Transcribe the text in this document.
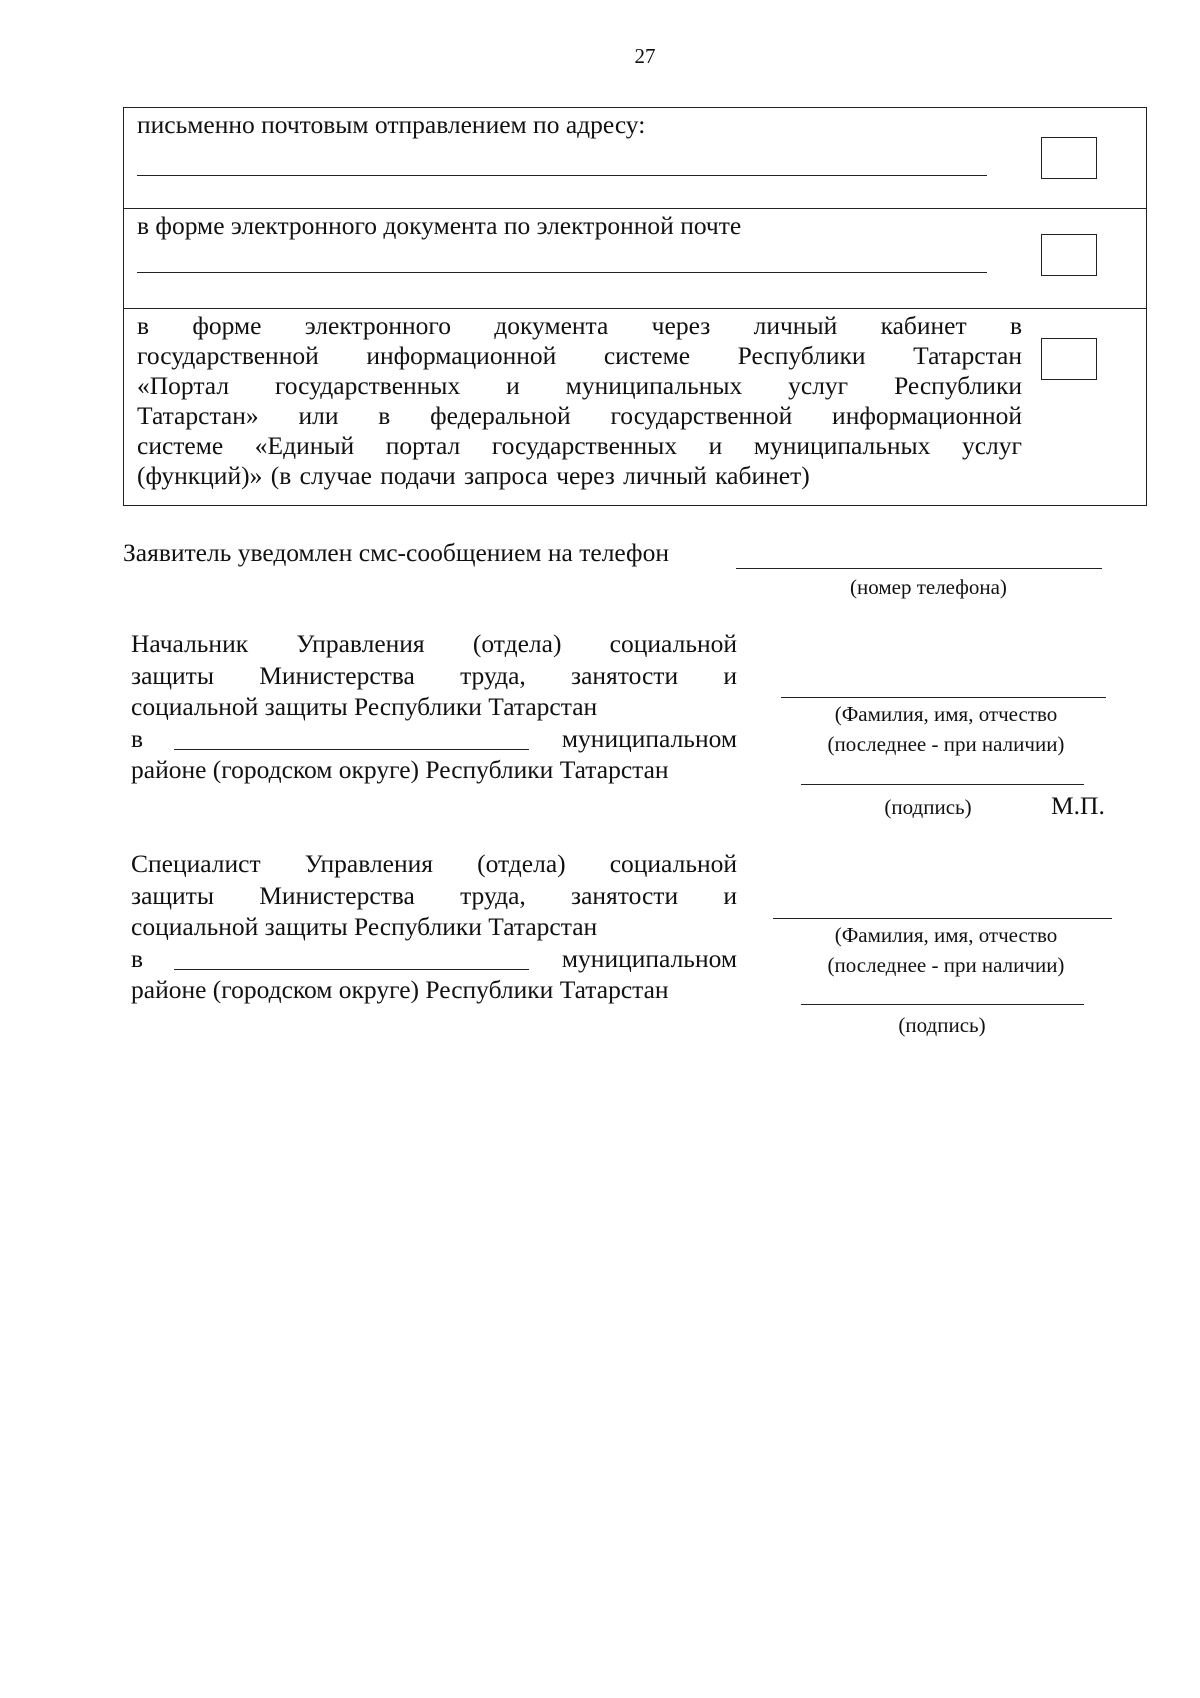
27
письменно почтовым отправлением по адресу:
в форме электронного документа по электронной почте
в форме электронного документа через личный кабинет в
государственной информационной системе Республики Татарстан
«Портал государственных и муниципальных услуг Республики
Татарстан» или в федеральной государственной информационной
системе «Единый портал государственных и муниципальных услуг
(функций)» (в случае подачи запроса через личный кабинет)
Заявитель уведомлен смс-сообщением на телефон
(номер телефона)
Начальник Управления (отдела) социальной
защиты Министерства труда, занятости и
социальной защиты Республики Татарстан
в	муниципальном
районе (городском округе) Республики Татарстан
(Фамилия, имя, отчество
(последнее - при наличии)
(подпись)	М.П.
Специалист Управления (отдела) социальной
защиты Министерства труда, занятости и
социальной защиты Республики Татарстан
в	муниципальном
районе (городском округе) Республики Татарстан
(Фамилия, имя, отчество
(последнее - при наличии)
(подпись)
